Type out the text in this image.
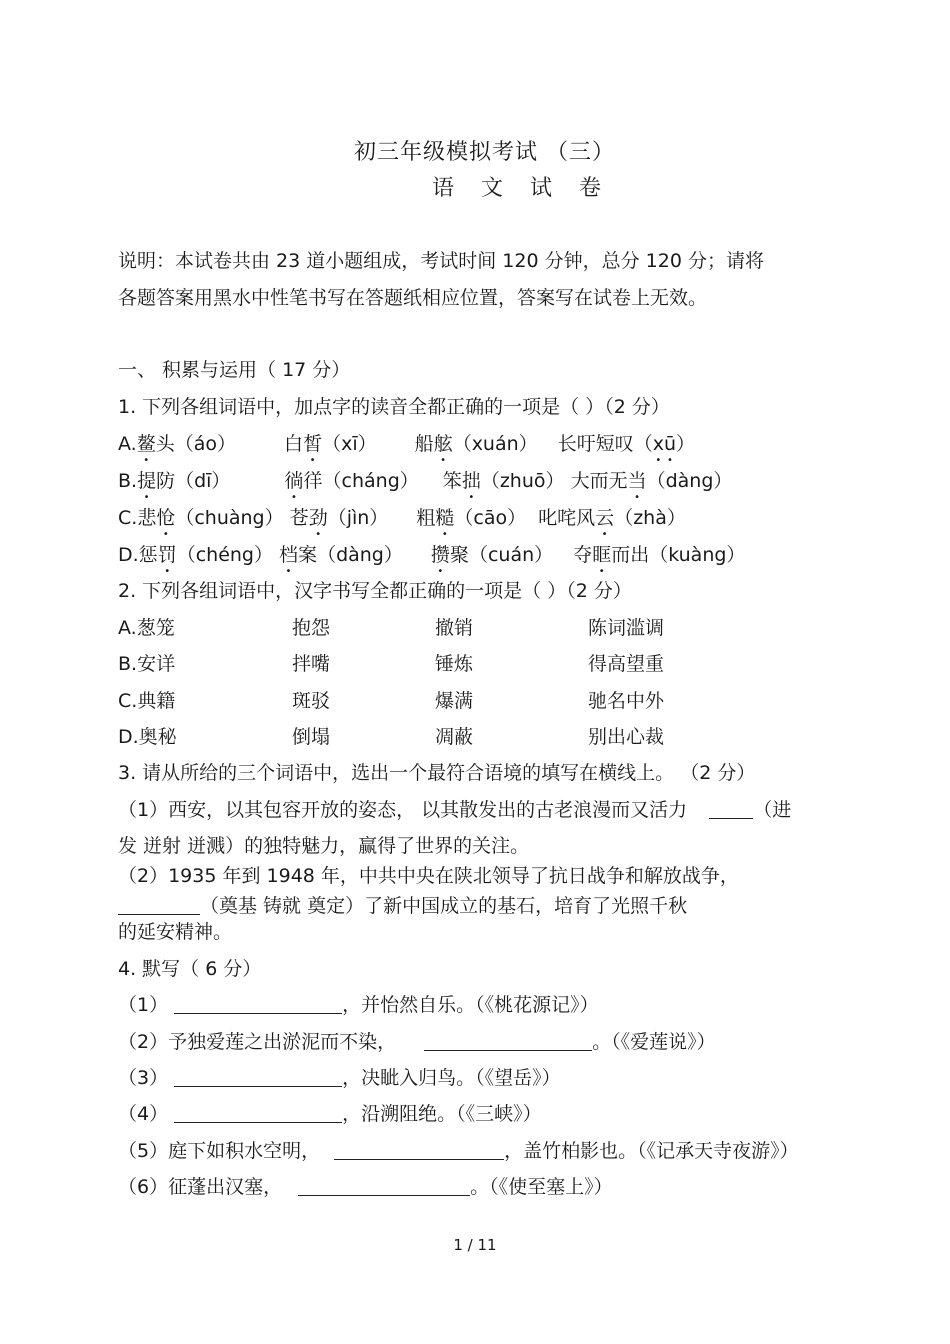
初三年级模拟考试 （三）
语 文 试 卷
说明：本试卷共由 23 道小题组成，考试时间 120 分钟，总分 120 分；请将
各题答案用黑水中性笔书写在答题纸相应位置，答案写在试卷上无效。
一、 积累与运用（ 17 分）
1. 下列各组词语中，加点字的读音全都正确的一项是（ ）（2 分）
A.鳌头（áo）	白皙（xī） 船舷（xuán） 长吁短叹（xū）
B.提防（dī）	徜徉（cháng） 笨拙（zhuō） 大而无当（dàng）
C.悲怆（chuàng） 苍劲（jìn） 粗糙（cāo） 叱咤风云（zhà）
D.惩罚（chéng） 档案（dàng） 攒聚（cuán） 夺眶而出（kuàng）
2. 下列各组词语中，汉字书写全都正确的一项是（ ）（2 分）
A.葱笼	抱怨	撤销	陈词滥调
B.安详	拌嘴	锤炼	得高望重
C.典籍	斑驳	爆满	驰名中外
D.奥秘	倒塌	凋蔽	别出心裁
3. 请从所给的三个词语中，选出一个最符合语境的填写在横线上。 （2 分）
（1）西安，以其包容开放的姿态， 以其散发出的古老浪漫而又活力	（进
发 迸射 迸溅）的独特魅力，赢得了世界的关注。
（2）1935 年到 1948 年，中共中央在陕北领导了抗日战争和解放战争，
（奠基 铸就 奠定）了新中国成立的基石，培育了光照千秋
的延安精神。
4. 默写（ 6 分）
（1）	，并怡然自乐。（《桃花源记》）
（2）予独爱莲之出淤泥而不染，	。（《爱莲说》）
（3）	，决眦入归鸟。（《望岳》）
（4）	，沿溯阻绝。（《三峡》）
（5）庭下如积水空明，	，盖竹柏影也。（《记承天寺夜游》）
（6）征蓬出汉塞，	。（《使至塞上》）
1 / 11
